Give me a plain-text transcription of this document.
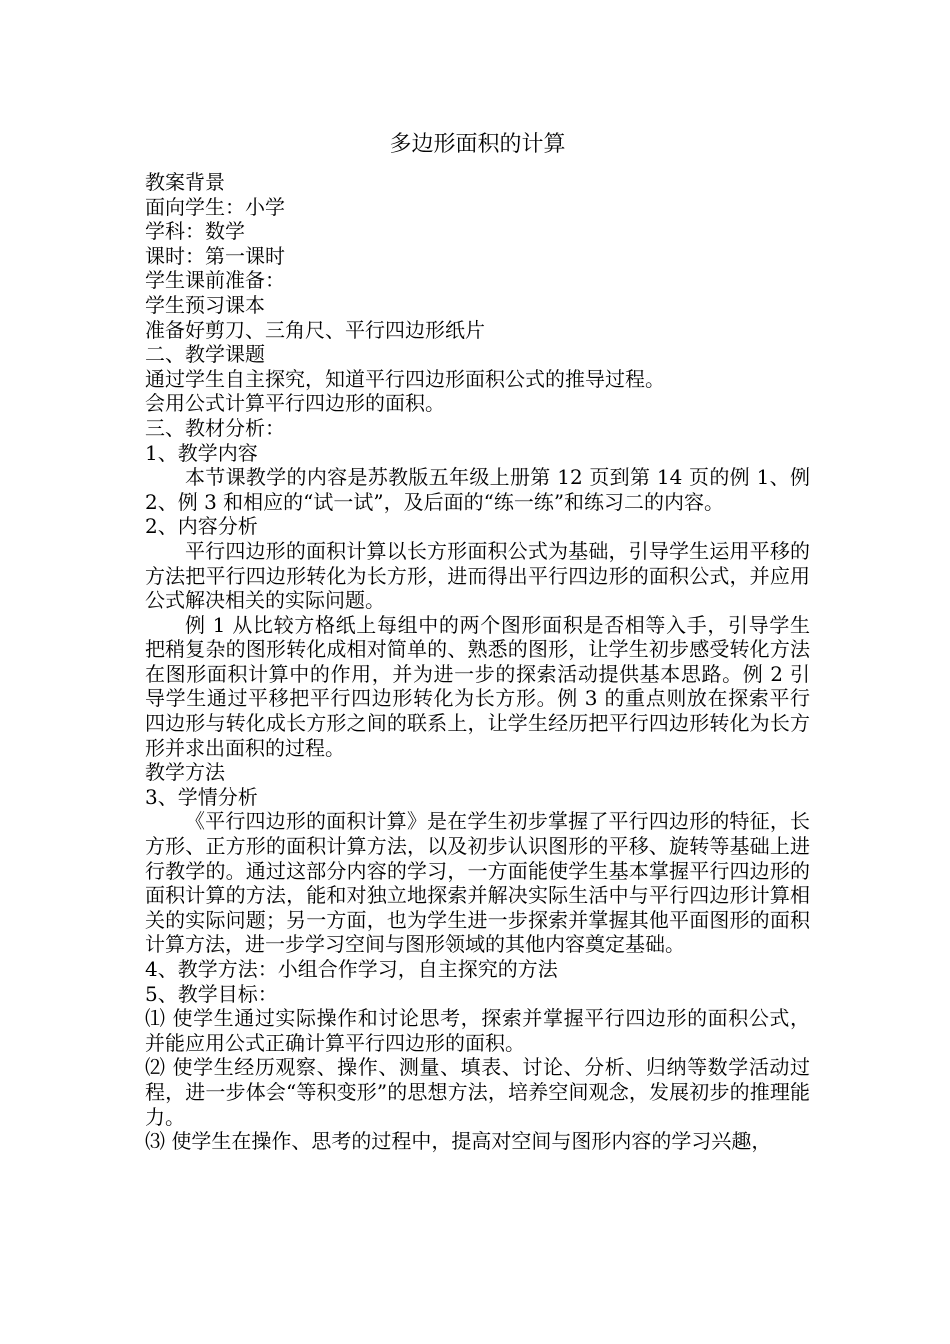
多边形面积的计算
教案背景
面向学生：小学
学科：数学
课时：第一课时
学生课前准备：
学生预习课本
准备好剪刀、三角尺、平行四边形纸片
二、教学课题
通过学生自主探究，知道平行四边形面积公式的推导过程。
会用公式计算平行四边形的面积。
三、教材分析：
1、教学内容
本节课教学的内容是苏教版五年级上册第 12 页到第 14 页的例 1、例 2、例 3 和相应的“试一试”，及后面的“练一练”和练习二的内容。
2、内容分析
平行四边形的面积计算以长方形面积公式为基础，引导学生运用平移的方法把平行四边形转化为长方形，进而得出平行四边形的面积公式，并应用公式解决相关的实际问题。
例 1 从比较方格纸上每组中的两个图形面积是否相等入手，引导学生把稍复杂的图形转化成相对简单的、熟悉的图形，让学生初步感受转化方法在图形面积计算中的作用，并为进一步的探索活动提供基本思路。例 2 引导学生通过平移把平行四边形转化为长方形。例 3 的重点则放在探索平行四边形与转化成长方形之间的联系上，让学生经历把平行四边形转化为长方形并求出面积的过程。
教学方法
3、学情分析
《平行四边形的面积计算》是在学生初步掌握了平行四边形的特征，长方形、正方形的面积计算方法，以及初步认识图形的平移、旋转等基础上进行教学的。通过这部分内容的学习，一方面能使学生基本掌握平行四边形的面积计算的方法，能和对独立地探索并解决实际生活中与平行四边形计算相关的实际问题；另一方面，也为学生进一步探索并掌握其他平面图形的面积计算方法，进一步学习空间与图形领域的其他内容奠定基础。
4、教学方法：小组合作学习，自主探究的方法
5、教学目标：
⑴ 使学生通过实际操作和讨论思考，探索并掌握平行四边形的面积公式，并能应用公式正确计算平行四边形的面积。
⑵ 使学生经历观察、操作、测量、填表、讨论、分析、归纳等数学活动过程，进一步体会“等积变形”的思想方法，培养空间观念，发展初步的推理能力。
⑶ 使学生在操作、思考的过程中，提高对空间与图形内容的学习兴趣，
